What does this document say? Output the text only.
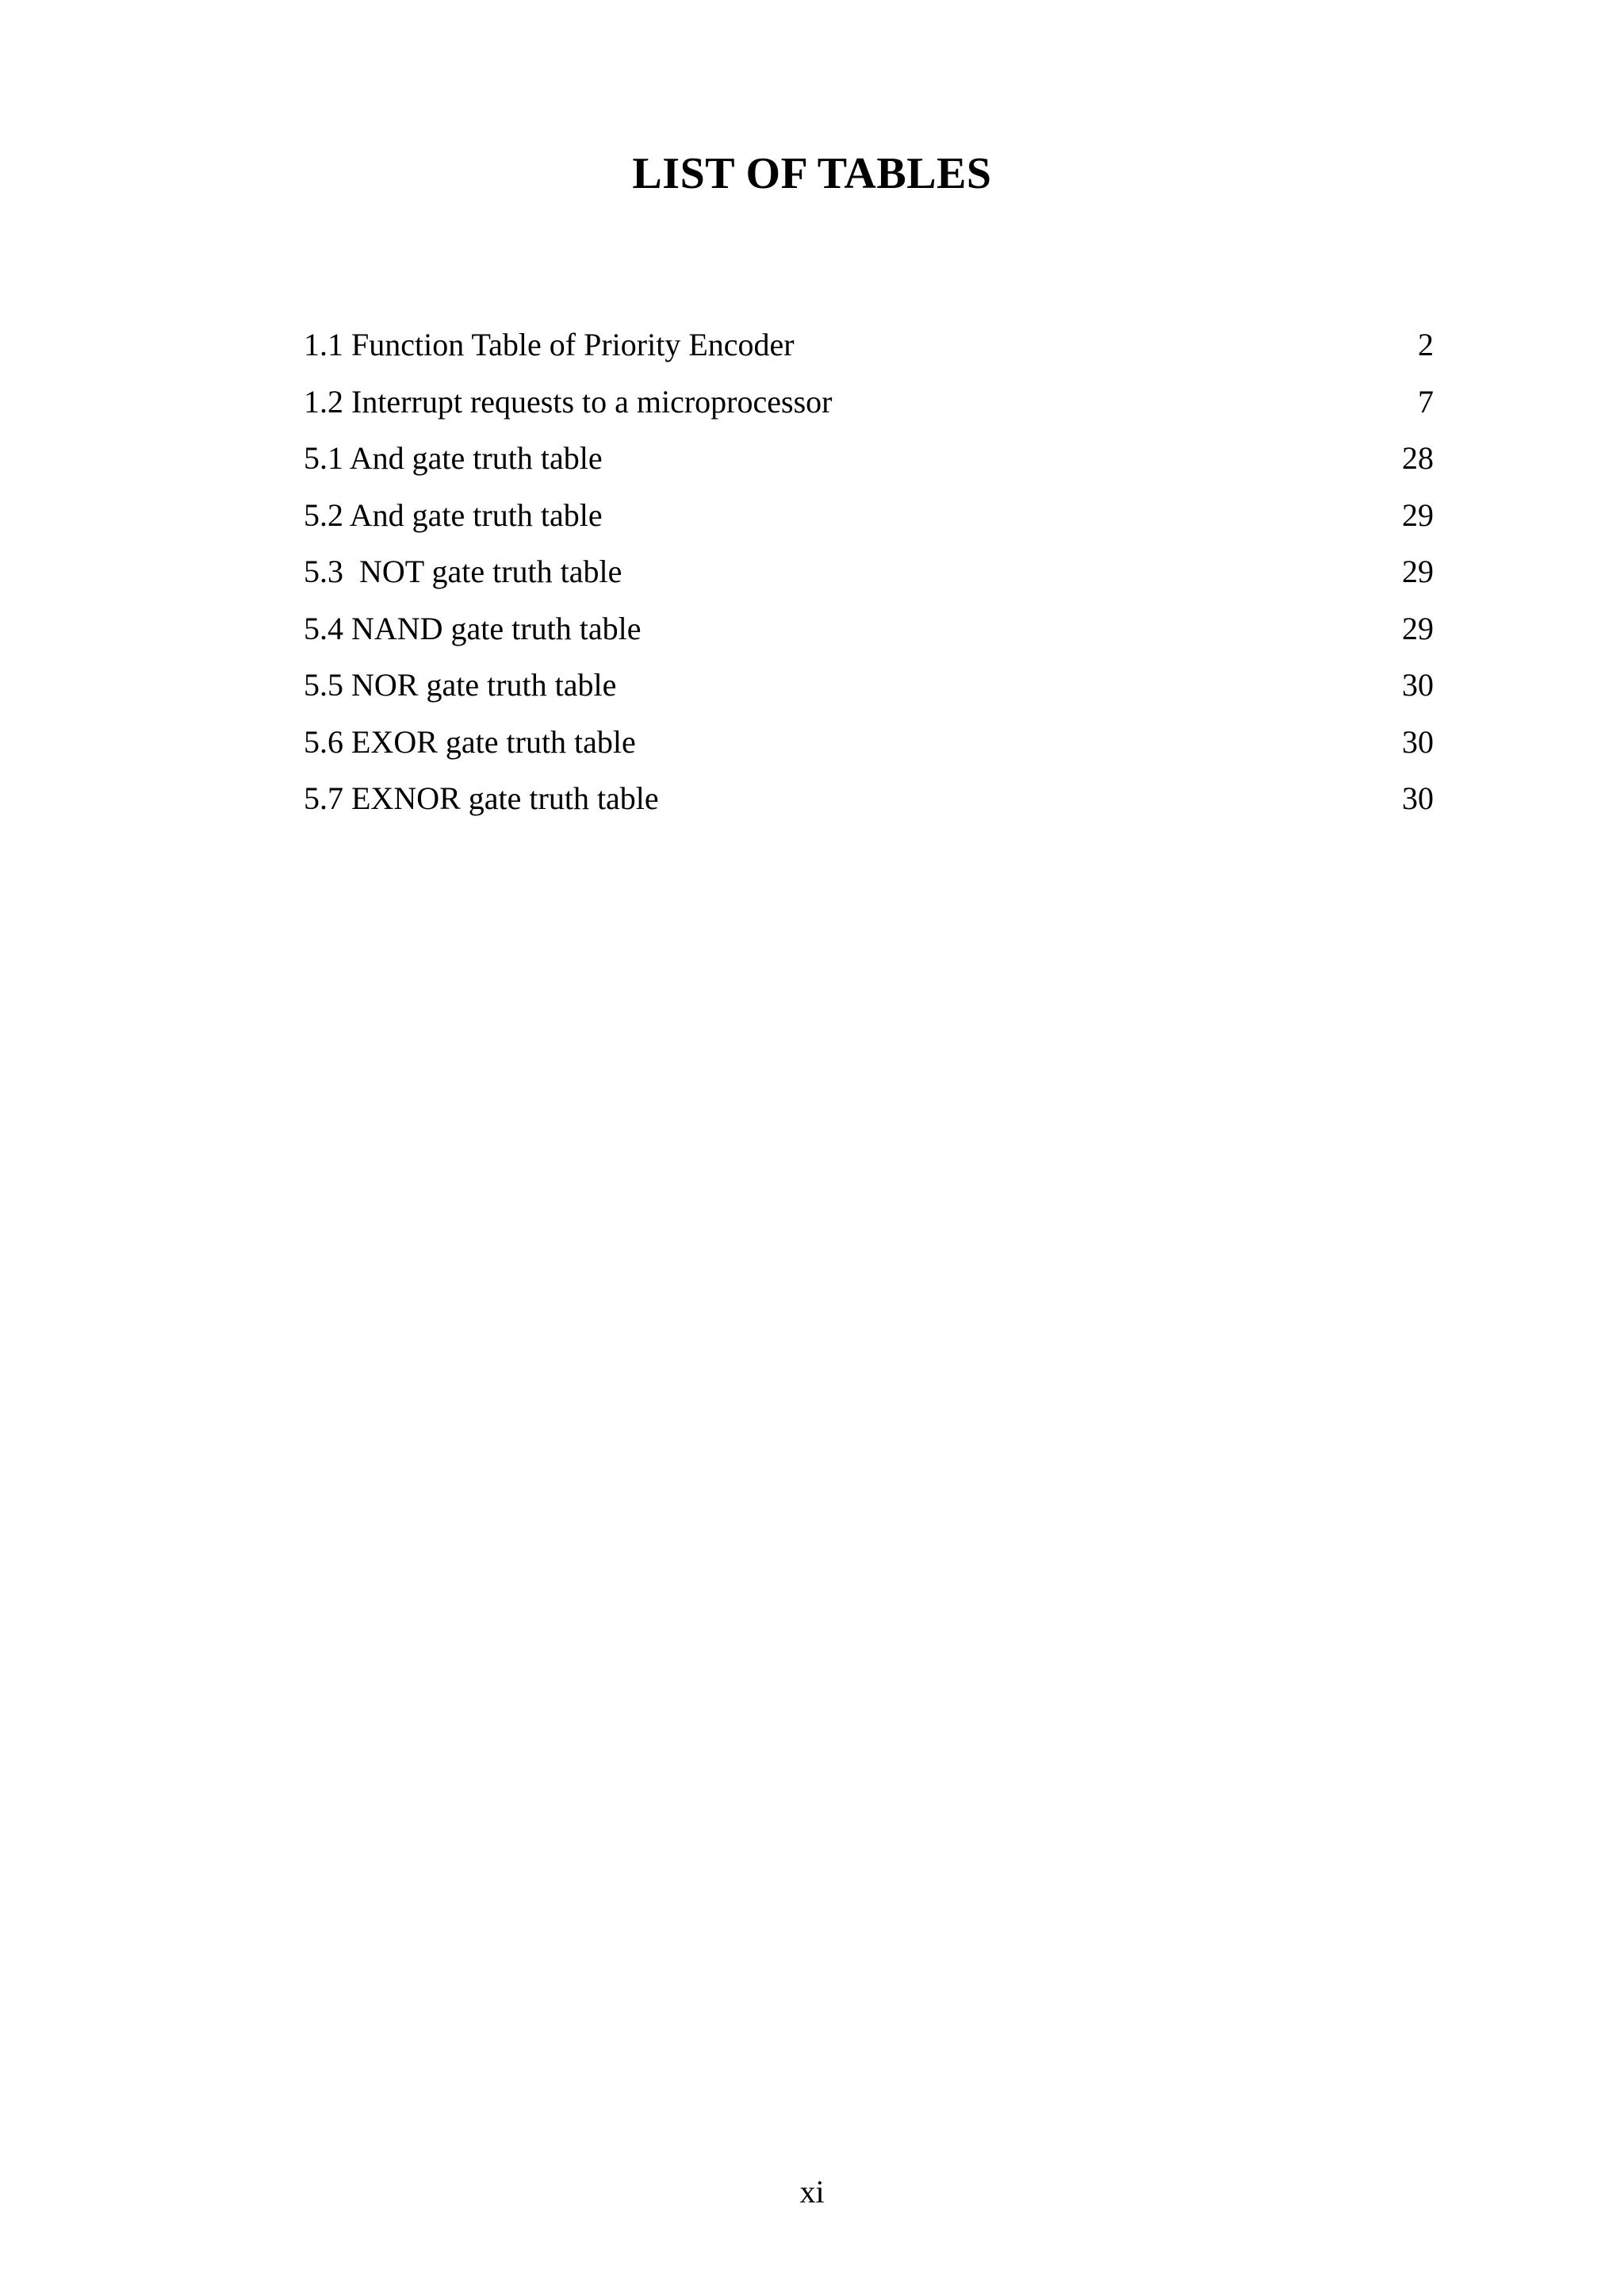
LIST OF TABLES
1.1 Function Table of Priority Encoder	2
1.2 Interrupt requests to a microprocessor	7
5.1 And gate truth table	28
5.2 And gate truth table	29
5.3  NOT gate truth table	29
5.4 NAND gate truth table	29
5.5 NOR gate truth table	30
5.6 EXOR gate truth table	30
5.7 EXNOR gate truth table	30
xi
